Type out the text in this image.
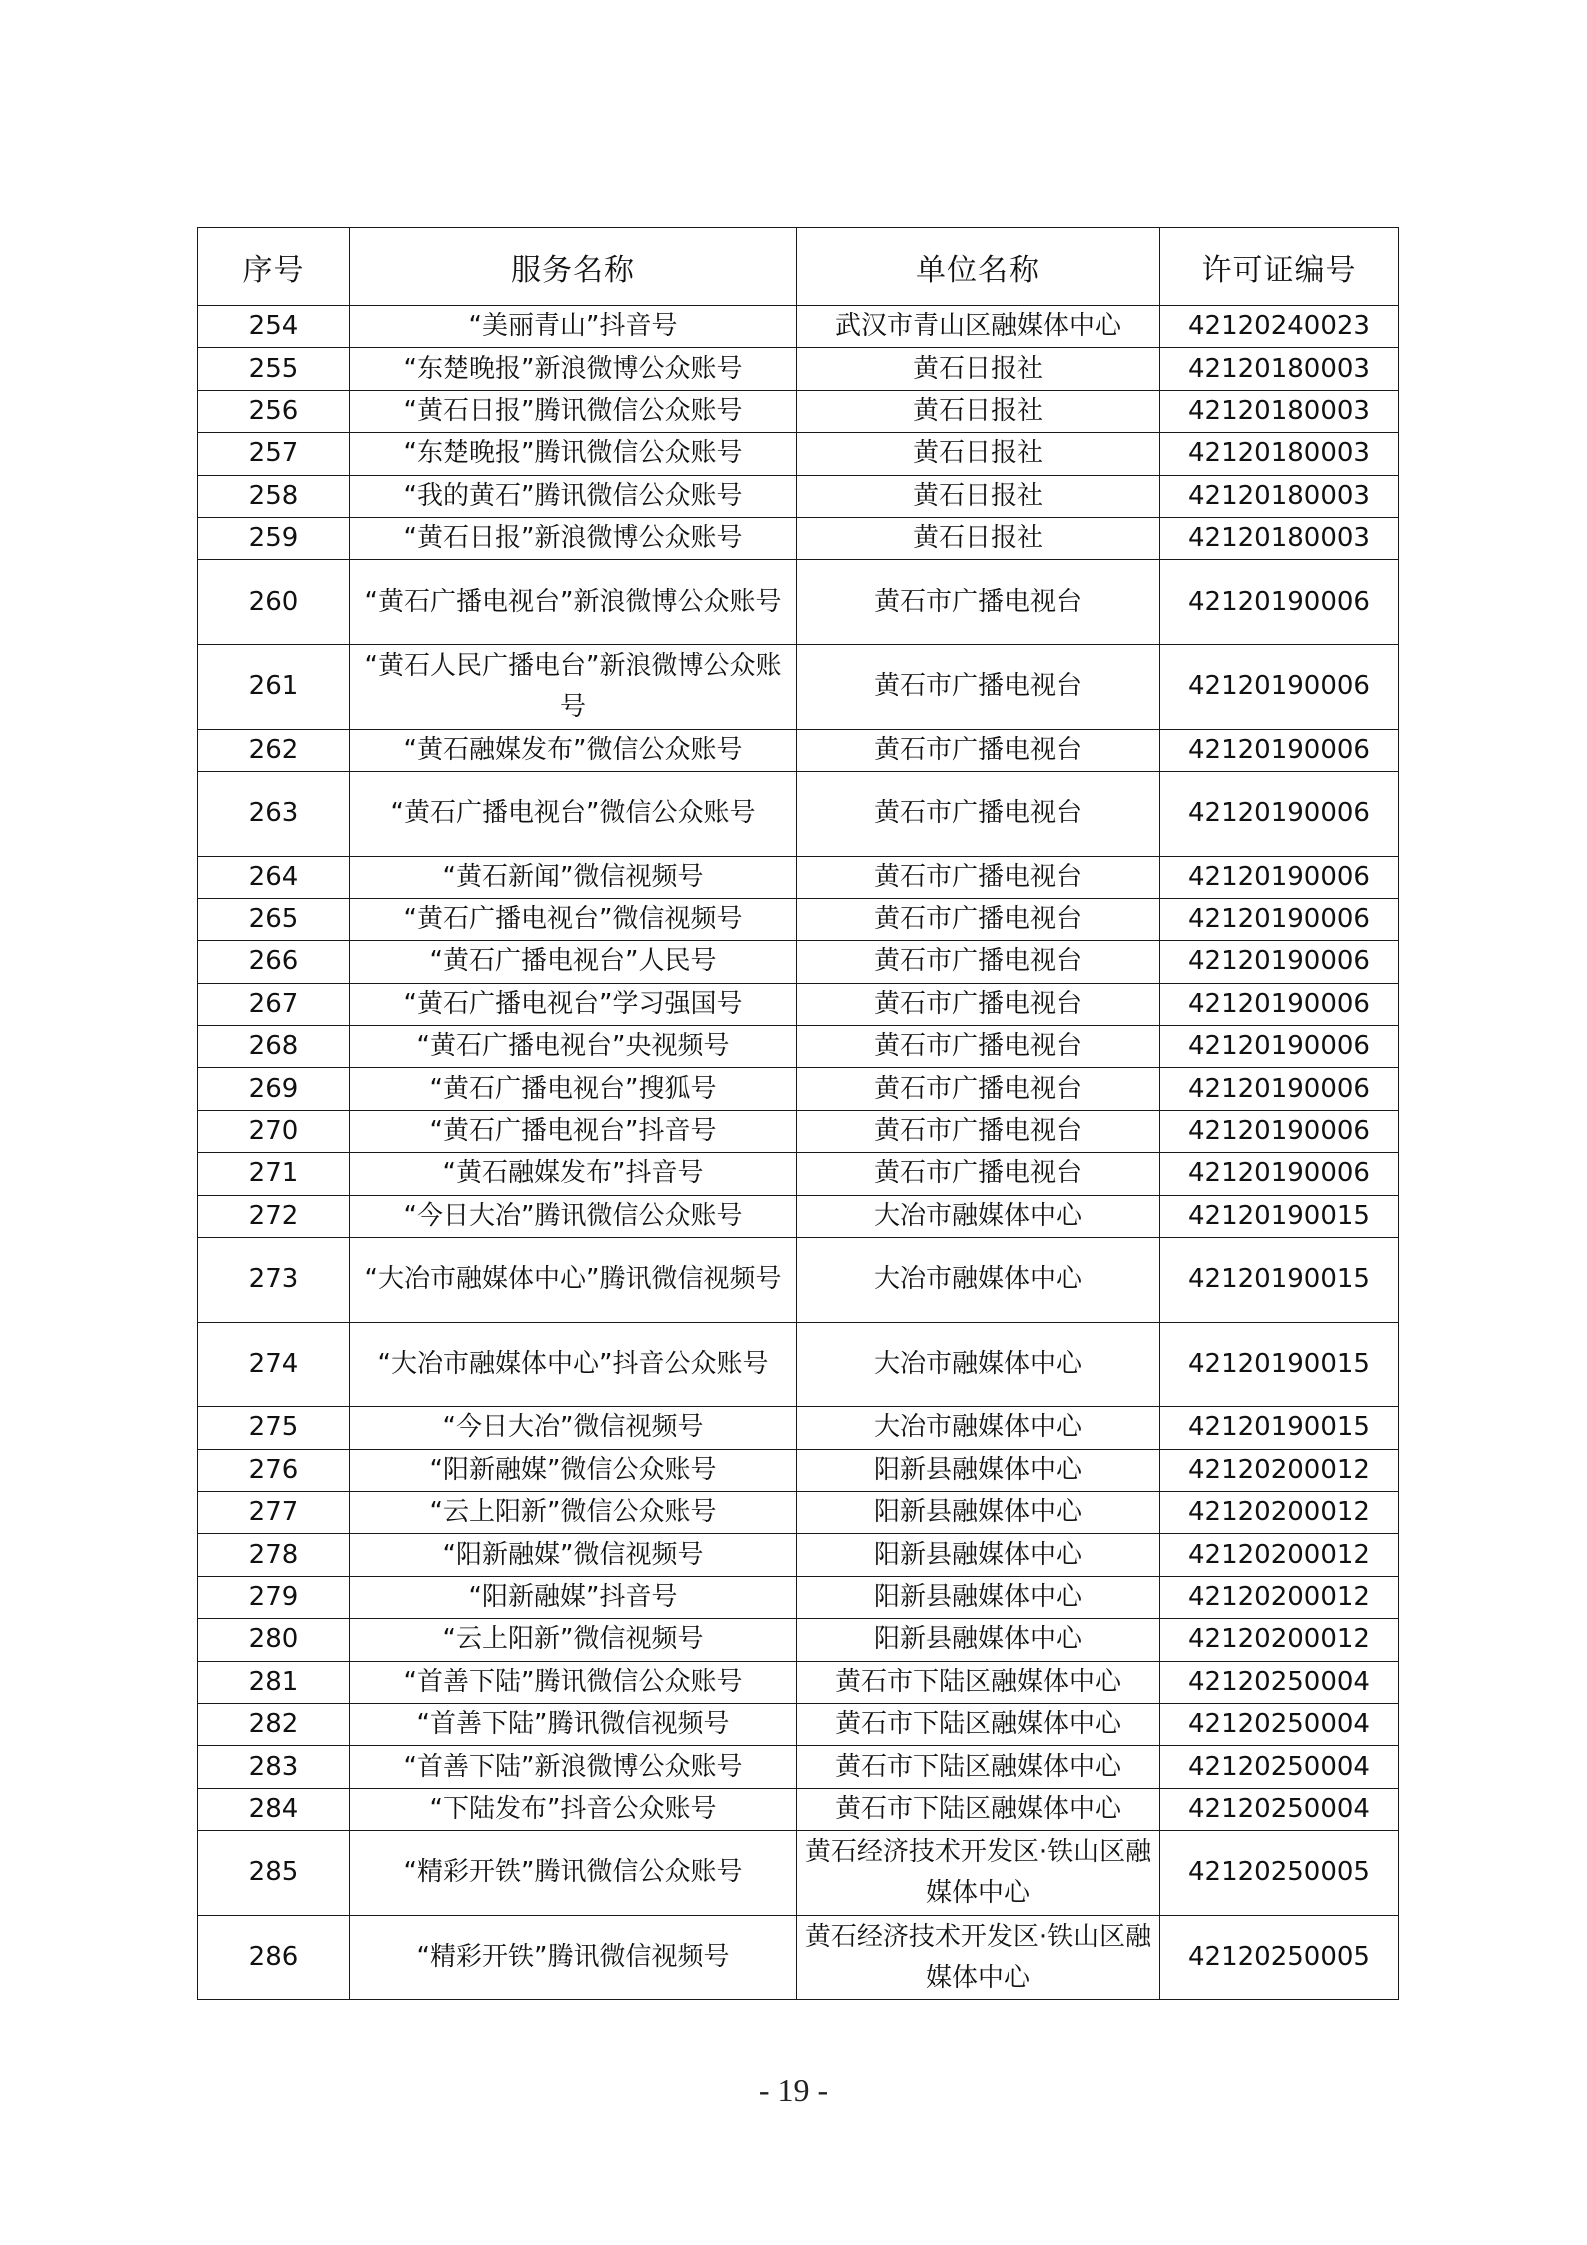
序号	服务名称	单位名称	许可证编号
254	“美丽青山”抖音号	武汉市青山区融媒体中心	42120240023
255	“东楚晚报”新浪微博公众账号	黄石日报社	42120180003
256	“黄石日报”腾讯微信公众账号	黄石日报社	42120180003
257	“东楚晚报”腾讯微信公众账号	黄石日报社	42120180003
258	“我的黄石”腾讯微信公众账号	黄石日报社	42120180003
259	“黄石日报”新浪微博公众账号	黄石日报社	42120180003
260	“黄石广播电视台”新浪微博公众账号	黄石市广播电视台	42120190006
261	“黄石人民广播电台”新浪微博公众账号	黄石市广播电视台	42120190006
262	“黄石融媒发布”微信公众账号	黄石市广播电视台	42120190006
263	“黄石广播电视台”微信公众账号	黄石市广播电视台	42120190006
264	“黄石新闻”微信视频号	黄石市广播电视台	42120190006
265	“黄石广播电视台”微信视频号	黄石市广播电视台	42120190006
266	“黄石广播电视台”人民号	黄石市广播电视台	42120190006
267	“黄石广播电视台”学习强国号	黄石市广播电视台	42120190006
268	“黄石广播电视台”央视频号	黄石市广播电视台	42120190006
269	“黄石广播电视台”搜狐号	黄石市广播电视台	42120190006
270	“黄石广播电视台”抖音号	黄石市广播电视台	42120190006
271	“黄石融媒发布”抖音号	黄石市广播电视台	42120190006
272	“今日大冶”腾讯微信公众账号	大冶市融媒体中心	42120190015
273	“大冶市融媒体中心”腾讯微信视频号	大冶市融媒体中心	42120190015
274	“大冶市融媒体中心”抖音公众账号	大冶市融媒体中心	42120190015
275	“今日大冶”微信视频号	大冶市融媒体中心	42120190015
276	“阳新融媒”微信公众账号	阳新县融媒体中心	42120200012
277	“云上阳新”微信公众账号	阳新县融媒体中心	42120200012
278	“阳新融媒”微信视频号	阳新县融媒体中心	42120200012
279	“阳新融媒”抖音号	阳新县融媒体中心	42120200012
280	“云上阳新”微信视频号	阳新县融媒体中心	42120200012
281	“首善下陆”腾讯微信公众账号	黄石市下陆区融媒体中心	42120250004
282	“首善下陆”腾讯微信视频号	黄石市下陆区融媒体中心	42120250004
283	“首善下陆”新浪微博公众账号	黄石市下陆区融媒体中心	42120250004
284	“下陆发布”抖音公众账号	黄石市下陆区融媒体中心	42120250004
285	“精彩开铁”腾讯微信公众账号	黄石经济技术开发区·铁山区融媒体中心	42120250005
286	“精彩开铁”腾讯微信视频号	黄石经济技术开发区·铁山区融媒体中心	42120250005
- 19 -
